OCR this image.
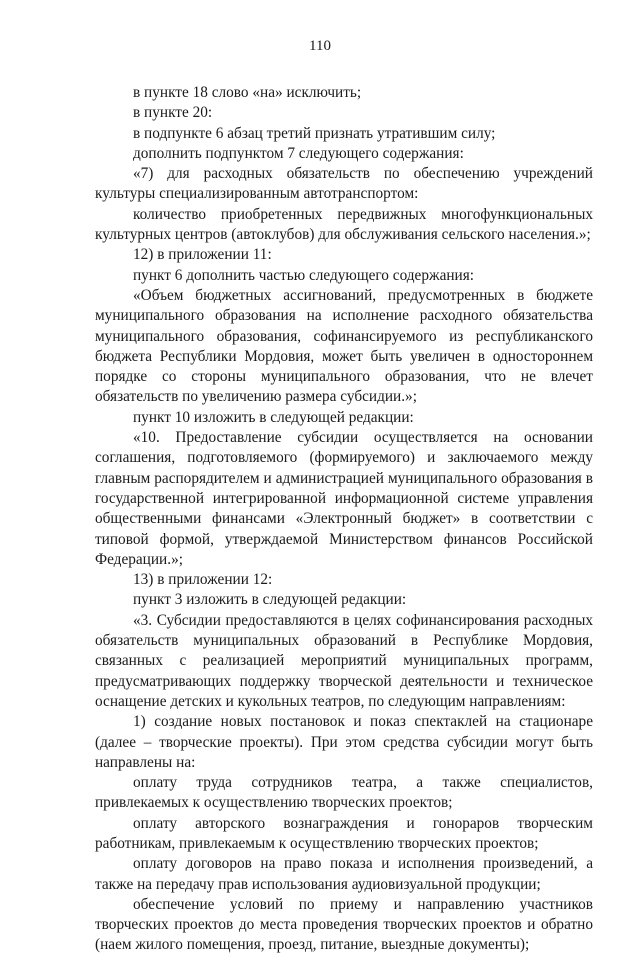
110

в пункте 18 слово «на» исключить;

в пункте 20:

в подпункте 6 абзац третий признать утратившим силу;

дополнить подпунктом 7 следующего содержания:

«7) для расходных обязательств по обеспечению учреждений культуры специализированным автотранспортом:

количество приобретенных передвижных многофункциональных культурных центров (автоклубов) для обслуживания сельского населения.»;

12) в приложении 11:

пункт 6 дополнить частью следующего содержания:

«Объем бюджетных ассигнований, предусмотренных в бюджете муниципального образования на исполнение расходного обязательства муниципального образования, софинансируемого из республиканского бюджета Республики Мордовия, может быть увеличен в одностороннем порядке со стороны муниципального образования, что не влечет обязательств по увеличению размера субсидии.»;

пункт 10 изложить в следующей редакции:

«10. Предоставление субсидии осуществляется на основании соглашения, подготовляемого (формируемого) и заключаемого между главным распорядителем и администрацией муниципального образования в государственной интегрированной информационной системе управления общественными финансами «Электронный бюджет» в соответствии с типовой формой, утверждаемой Министерством финансов Российской Федерации.»;

13) в приложении 12:

пункт 3 изложить в следующей редакции:

«3. Субсидии предоставляются в целях софинансирования расходных обязательств муниципальных образований в Республике Мордовия, связанных с реализацией мероприятий муниципальных программ, предусматривающих поддержку творческой деятельности и техническое оснащение детских и кукольных театров, по следующим направлениям:

1) создание новых постановок и показ спектаклей на стационаре (далее – творческие проекты). При этом средства субсидии могут быть направлены на:

оплату труда сотрудников театра, а также специалистов, привлекаемых к осуществлению творческих проектов;

оплату авторского вознаграждения и гонораров творческим работникам, привлекаемым к осуществлению творческих проектов;

оплату договоров на право показа и исполнения произведений, а также на передачу прав использования аудиовизуальной продукции;

обеспечение условий по приему и направлению участников творческих проектов до места проведения творческих проектов и обратно (наем жилого помещения, проезд, питание, выездные документы);
